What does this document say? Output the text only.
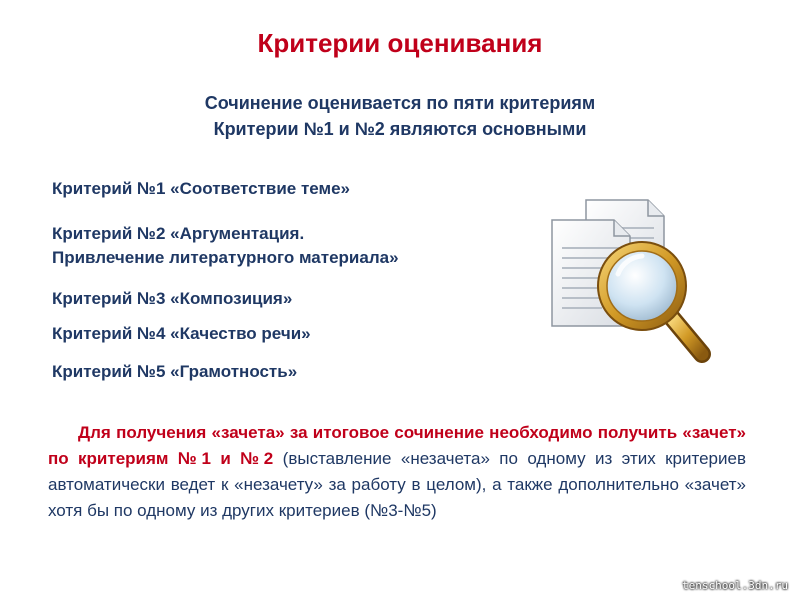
Критерии оценивания
Сочинение оценивается по пяти критериям
Критерии №1 и №2 являются основными
Критерий №1 «Соответствие теме»
Критерий №2 «Аргументация.
Привлечение литературного материала»
Критерий №3 «Композиция»
Критерий №4 «Качество речи»
Критерий №5 «Грамотность»
Для получения «зачета» за итоговое сочинение необходимо получить «зачет» по критериям №1 и №2 (выставление «незачета» по одному из этих критериев автоматически ведет к «незачету» за работу в целом), а также дополнительно «зачет» хотя бы по одному из других критериев (№3-№5)
tenschool.3dn.ru
